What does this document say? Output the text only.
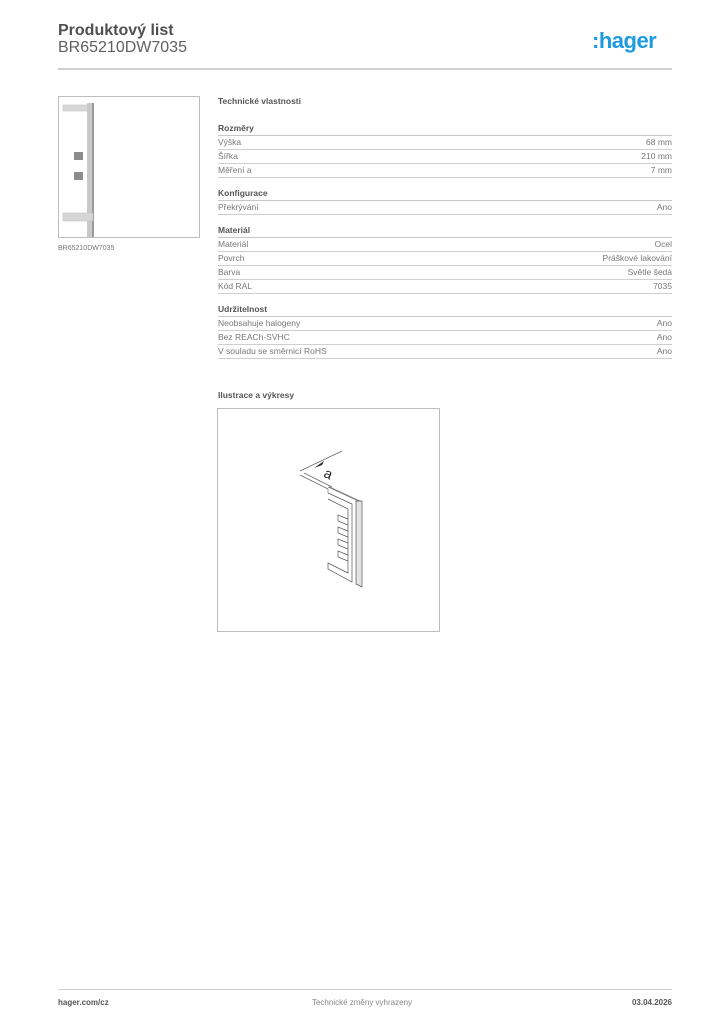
Produktový list
BR65210DW7035	:hager
BR65210DW7035
Technické vlastnosti
Rozměry
Výška	68 mm
Šířka	210 mm
Měření a	7 mm
Konfigurace
Překrývání	Ano
Materiál
Materiál	Ocel
Povrch	Práškové lakování
Barva	Světle šedá
Kód RAL	7035
Udržitelnost
Neobsahuje halogeny	Ano
Bez REACh-SVHC	Ano
V souladu se směrnicí RoHS	Ano
Ilustrace a výkresy
a
hager.com/cz	Technické změny vyhrazeny	03.04.2026
